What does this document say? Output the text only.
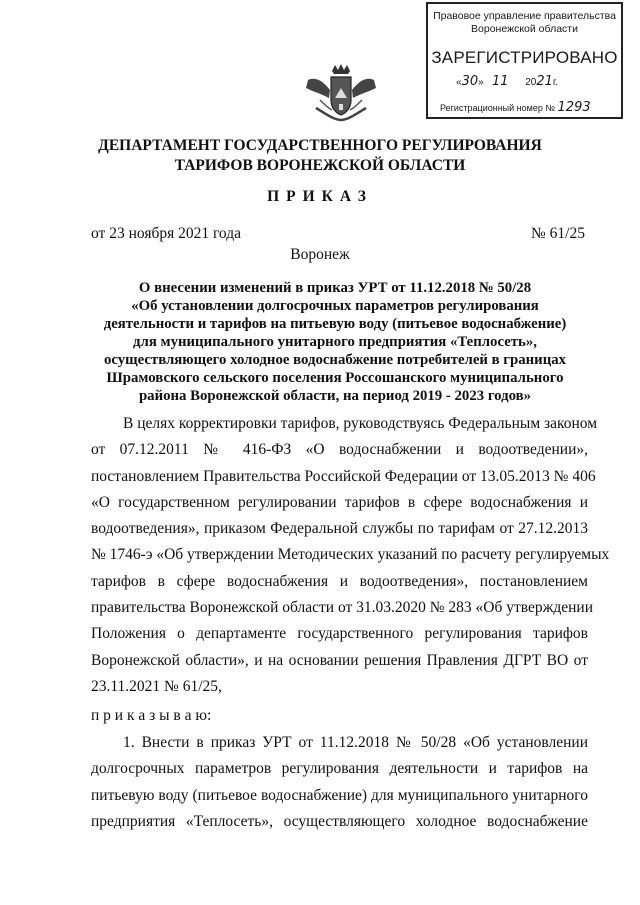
Правовое управление правительства
Воронежской области
ЗАРЕГИСТРИРОВАНО
«30»   11 2021г.
Регистрационный номер № 1293
ДЕПАРТАМЕНТ ГОСУДАРСТВЕННОГО РЕГУЛИРОВАНИЯ
ТАРИФОВ ВОРОНЕЖСКОЙ ОБЛАСТИ
ПРИКАЗ
от 23 ноября 2021 года	№ 61/25
Воронеж
О внесении изменений в приказ УРТ от 11.12.2018 № 50/28
«Об установлении долгосрочных параметров регулирования
деятельности и тарифов на питьевую воду (питьевое водоснабжение)
для муниципального унитарного предприятия «Теплосеть»,
осуществляющего холодное водоснабжение потребителей в границах
Шрамовского сельского поселения Россошанского муниципального
района Воронежской области, на период 2019 - 2023 годов»
В целях корректировки тарифов, руководствуясь Федеральным законом
от 07.12.2011 № 416-ФЗ «О водоснабжении и водоотведении»,
постановлением Правительства Российской Федерации от 13.05.2013 № 406
«О государственном регулировании тарифов в сфере водоснабжения и
водоотведения», приказом Федеральной службы по тарифам от 27.12.2013
№ 1746-э «Об утверждении Методических указаний по расчету регулируемых
тарифов в сфере водоснабжения и водоотведения», постановлением
правительства Воронежской области от 31.03.2020 № 283 «Об утверждении
Положения о департаменте государственного регулирования тарифов
Воронежской области», и на основании решения Правления ДГРТ ВО от
23.11.2021 № 61/25,
п р и к а з ы в а ю:
1. Внести в приказ УРТ от 11.12.2018 № 50/28 «Об установлении
долгосрочных параметров регулирования деятельности и тарифов на
питьевую воду (питьевое водоснабжение) для муниципального унитарного
предприятия «Теплосеть», осуществляющего холодное водоснабжение
